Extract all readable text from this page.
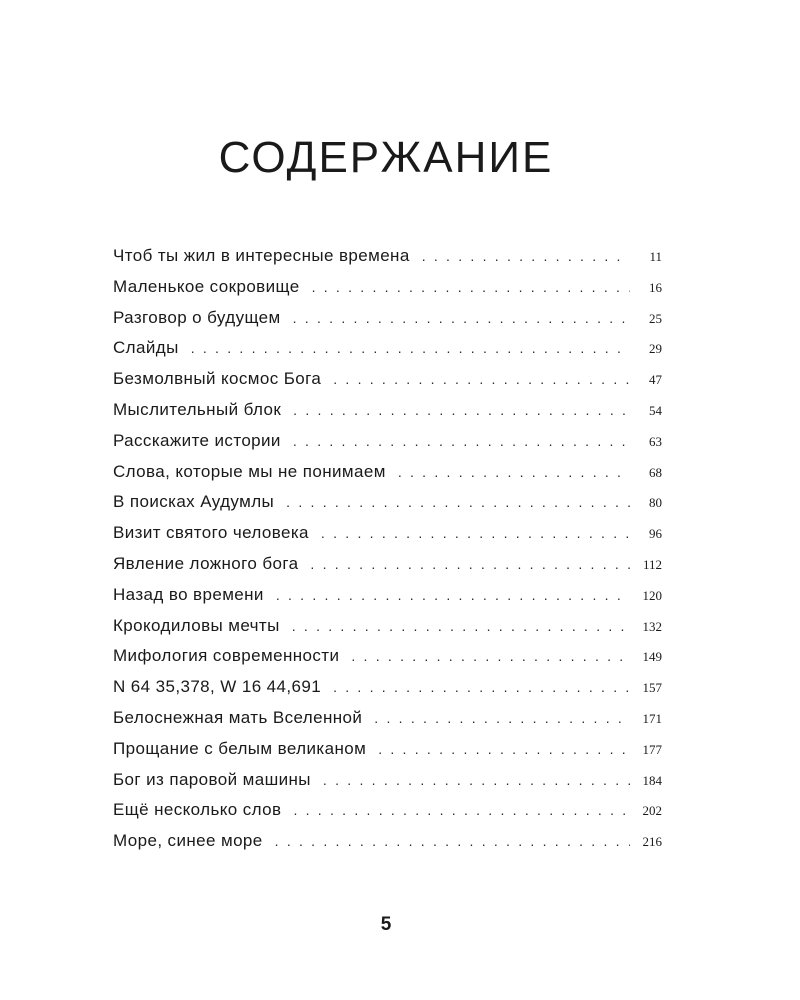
СОДЕРЖАНИЕ
Чтоб ты жил в интересные времена . . .	11
Маленькое сокровище . . .	16
Разговор о будущем . . .	25
Слайды . . .	29
Безмолвный космос Бога . . .	47
Мыслительный блок . . .	54
Расскажите истории . . .	63
Слова, которые мы не понимаем . . .	68
В поисках Аудумлы . . .	80
Визит святого человека . . .	96
Явление ложного бога . . .	112
Назад во времени . . .	120
Крокодиловы мечты . . .	132
Мифология современности . . .	149
N 64 35,378, W 16 44,691 . . .	157
Белоснежная мать Вселенной . . .	171
Прощание с белым великаном . . .	177
Бог из паровой машины . . .	184
Ещё несколько слов . . .	202
Море, синее море . . .	216
5
